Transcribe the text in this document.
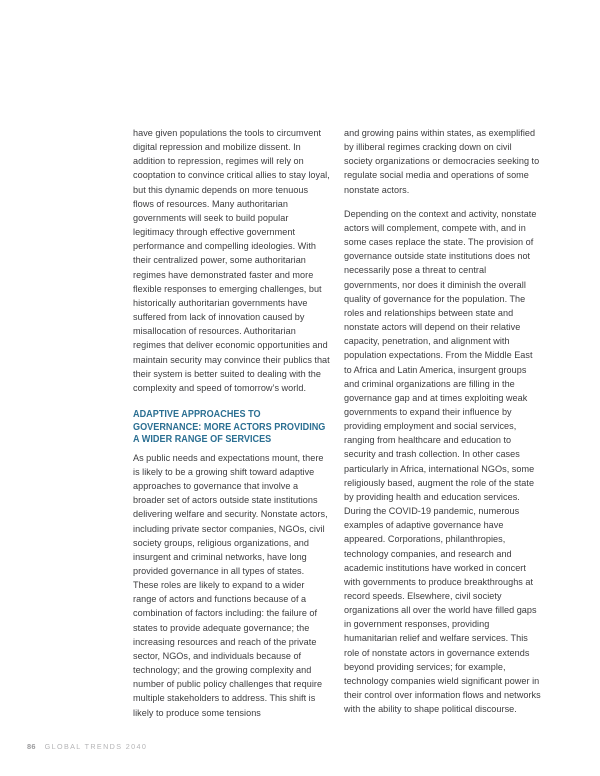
have given populations the tools to circumvent digital repression and mobilize dissent. In addition to repression, regimes will rely on cooptation to convince critical allies to stay loyal, but this dynamic depends on more tenuous flows of resources. Many authoritarian governments will seek to build popular legitimacy through effective government performance and compelling ideologies. With their centralized power, some authoritarian regimes have demonstrated faster and more flexible responses to emerging challenges, but historically authoritarian governments have suffered from lack of innovation caused by misallocation of resources. Authoritarian regimes that deliver economic opportunities and maintain security may convince their publics that their system is better suited to dealing with the complexity and speed of tomorrow’s world.

ADAPTIVE APPROACHES TO GOVERNANCE: MORE ACTORS PROVIDING A WIDER RANGE OF SERVICES

As public needs and expectations mount, there is likely to be a growing shift toward adaptive approaches to governance that involve a broader set of actors outside state institutions delivering welfare and security. Nonstate actors, including private sector companies, NGOs, civil society groups, religious organizations, and insurgent and criminal networks, have long provided governance in all types of states. These roles are likely to expand to a wider range of actors and functions because of a combination of factors including: the failure of states to provide adequate governance; the increasing resources and reach of the private sector, NGOs, and individuals because of technology; and the growing complexity and number of public policy challenges that require multiple stakeholders to address. This shift is likely to produce some tensions

and growing pains within states, as exemplified by illiberal regimes cracking down on civil society organizations or democracies seeking to regulate social media and operations of some nonstate actors.

Depending on the context and activity, nonstate actors will complement, compete with, and in some cases replace the state. The provision of governance outside state institutions does not necessarily pose a threat to central governments, nor does it diminish the overall quality of governance for the population. The roles and relationships between state and nonstate actors will depend on their relative capacity, penetration, and alignment with population expectations. From the Middle East to Africa and Latin America, insurgent groups and criminal organizations are filling in the governance gap and at times exploiting weak governments to expand their influence by providing employment and social services, ranging from healthcare and education to security and trash collection. In other cases particularly in Africa, international NGOs, some religiously based, augment the role of the state by providing health and education services. During the COVID-19 pandemic, numerous examples of adaptive governance have appeared. Corporations, philanthropies, technology companies, and research and academic institutions have worked in concert with governments to produce breakthroughs at record speeds. Elsewhere, civil society organizations all over the world have filled gaps in government responses, providing humanitarian relief and welfare services. This role of nonstate actors in governance extends beyond providing services; for example, technology companies wield significant power in their control over information flows and networks with the ability to shape political discourse.

86 GLOBAL TRENDS 2040
